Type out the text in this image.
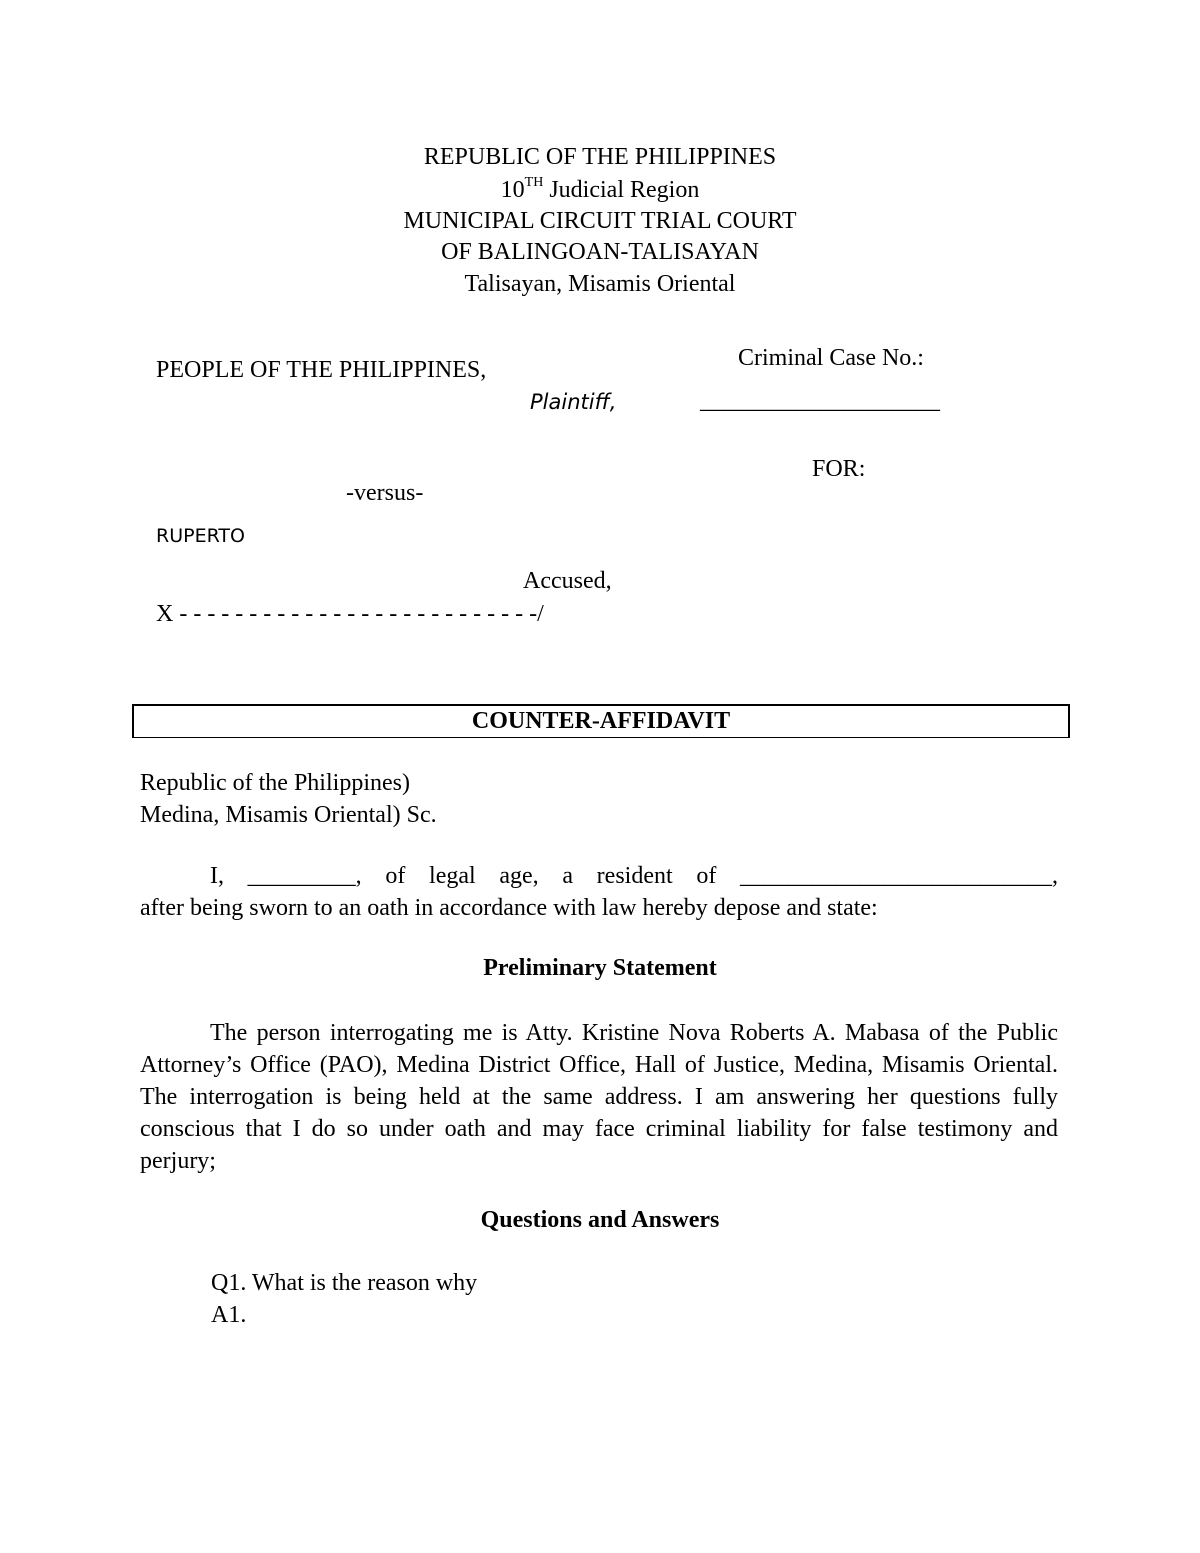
REPUBLIC OF THE PHILIPPINES
10TH Judicial Region
MUNICIPAL CIRCUIT TRIAL COURT
OF BALINGOAN-TALISAYAN
Talisayan, Misamis Oriental
PEOPLE OF THE PHILIPPINES,
Plaintiff,
-versus-
RUPERTO
Accused,
X - - - - - - - - - - - - - - - - - - - - - - - - - -/
Criminal Case No.:
____________________
FOR:
COUNTER-AFFIDAVIT
Republic of the Philippines)
Medina, Misamis Oriental) Sc.

I, _________, of legal age, a resident of __________________________,

after being sworn to an oath in accordance with law hereby depose and state:

Preliminary Statement

The person interrogating me is Atty. Kristine Nova Roberts A. Mabasa of the Public Attorney’s Office (PAO), Medina District Office, Hall of Justice, Medina, Misamis Oriental. The interrogation is being held at the same address. I am answering her questions fully conscious that I do so under oath and may face criminal liability for false testimony and perjury;

Questions and Answers
Q1. What is the reason why
A1.
